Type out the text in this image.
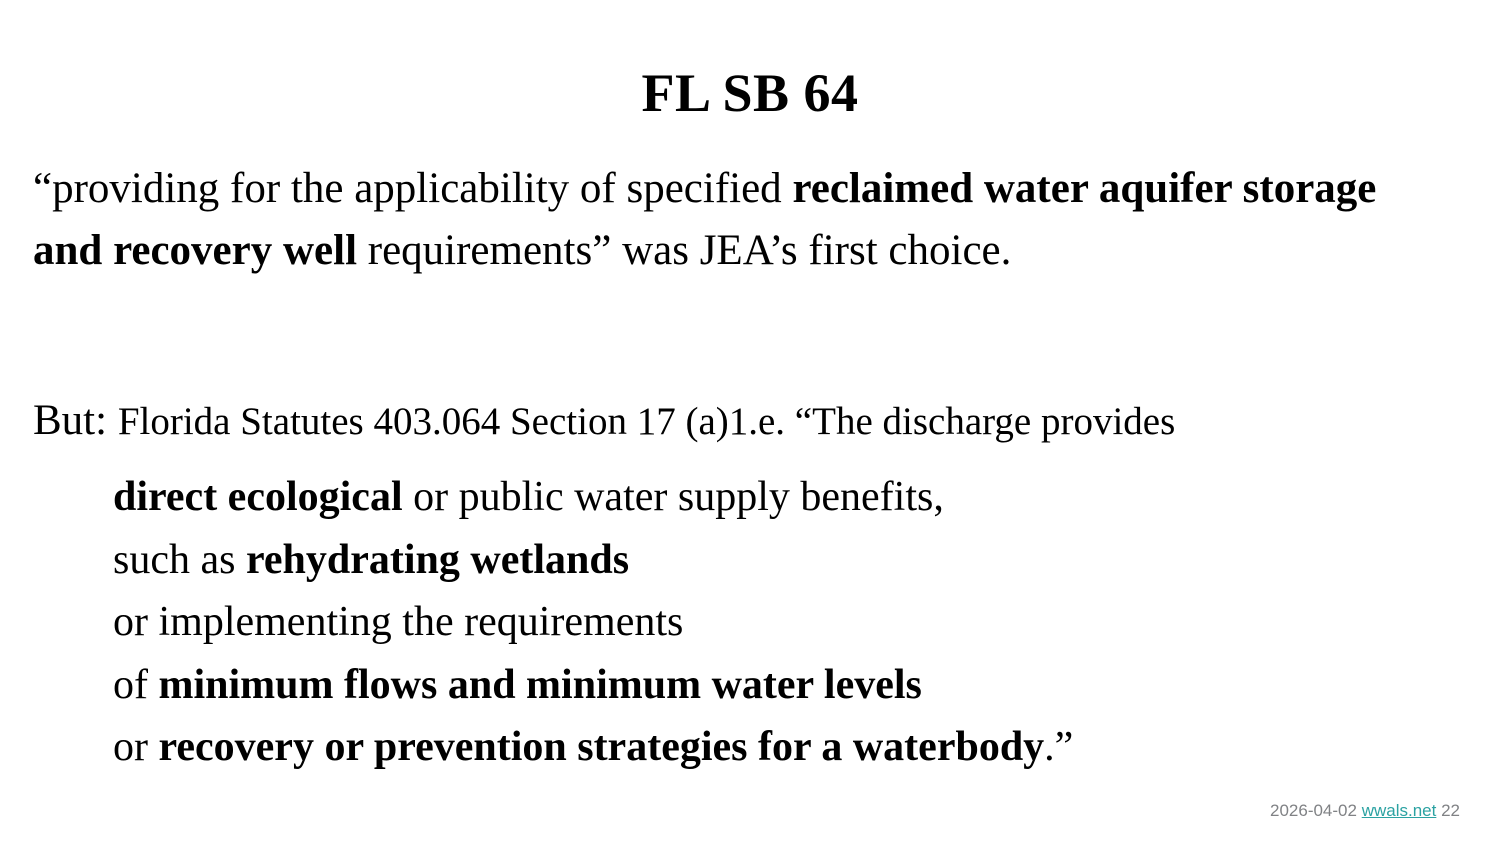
FL SB 64
“providing for the applicability of specified reclaimed water aquifer storage and recovery well requirements” was JEA’s first choice.
But: Florida Statutes 403.064 Section 17 (a)1.e. “The discharge provides
direct ecological or public water supply benefits,
such as rehydrating wetlands
or implementing the requirements
of minimum flows and minimum water levels
or recovery or prevention strategies for a waterbody.”
2026-04-02 wwals.net 22
